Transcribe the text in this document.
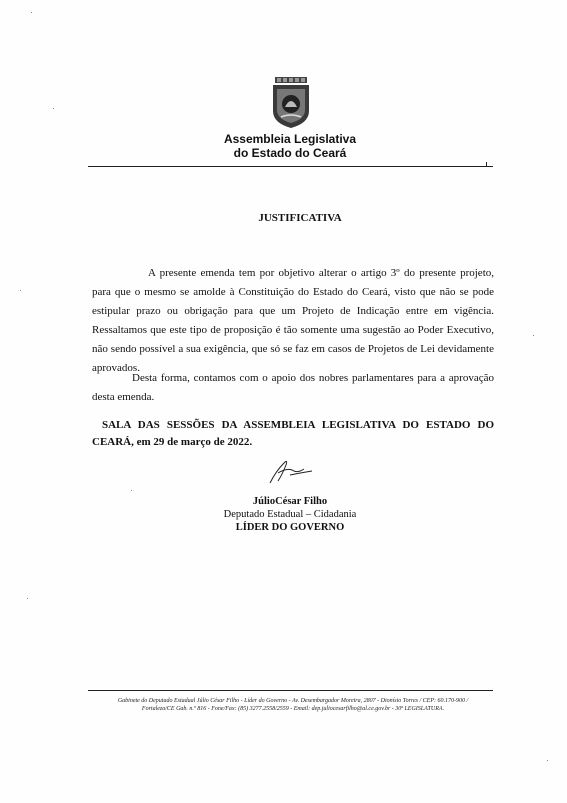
Assembleia Legislativa
do Estado do Ceará
JUSTIFICATIVA
A presente emenda tem por objetivo alterar o artigo 3º do presente projeto, para que o mesmo se amolde à Constituição do Estado do Ceará, visto que não se pode estipular prazo ou obrigação para que um Projeto de Indicação entre em vigência. Ressaltamos que este tipo de proposição é tão somente uma sugestão ao Poder Executivo, não sendo possível a sua exigência, que só se faz em casos de Projetos de Lei devidamente aprovados.
Desta forma, contamos com o apoio dos nobres parlamentares para a aprovação desta emenda.
SALA DAS SESSÕES DA ASSEMBLEIA LEGISLATIVA DO ESTADO DO CEARÁ, em 29 de março de 2022.
JúlioCésar Filho
Deputado Estadual – Cidadania
LÍDER DO GOVERNO
Gabinete do Deputado Estadual Júlio César Filho - Líder do Governo - Av. Desembargador Moreira, 2807 - Dionísio Torres / CEP: 60.170-900 /
Fortaleza/CE Gab. n.º 816 - Fone/Fax: (85) 3277.2558/2559 - Email: dep.juliocesarfilho@al.ce.gov.br - 30ª LEGISLATURA.
